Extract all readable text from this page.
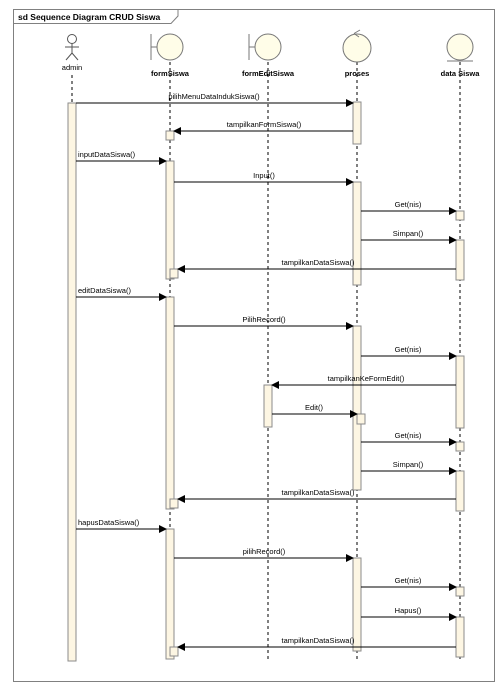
sd Sequence Diagram CRUD Siswa
admin
formSiswa	formEditSiswa	proses	data Siswa
pilihMenuDataIndukSiswa()
tampilkanFormSiswa()
inputDataSiswa()
Input()
Get(nis)
Simpan()
tampilkanDataSiswa()
editDataSiswa()
PilihRecord()
Get(nis)
tampilkanKeFormEdit()
Edit()
Get(nis)
Simpan()
tampilkanDataSiswa()
hapusDataSiswa()
pilihRecord()
Get(nis)
Hapus()
tampilkanDataSiswa()
